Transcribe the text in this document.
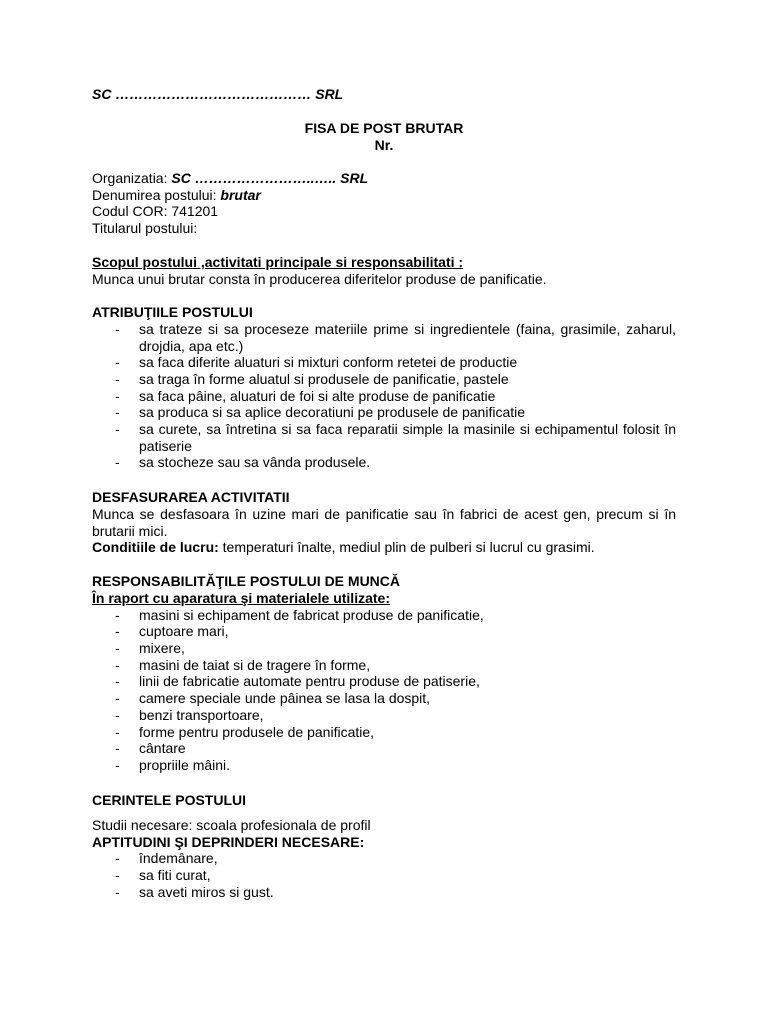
SC …………………………………… SRL
FISA DE POST BRUTAR
Nr.
Organizatia: SC ……………………..….. SRL
Denumirea postului: brutar
Codul COR: 741201
Titularul postului:
Scopul postului ,activitati principale si responsabilitati :
Munca unui brutar consta în producerea diferitelor produse de panificatie.
ATRIBUŢIILE POSTULUI
- sa trateze si sa proceseze materiile prime si ingredientele (faina, grasimile, zaharul, drojdia, apa etc.)
- sa faca diferite aluaturi si mixturi conform retetei de productie
- sa traga în forme aluatul si produsele de panificatie, pastele
- sa faca pâine, aluaturi de foi si alte produse de panificatie
- sa produca si sa aplice decoratiuni pe produsele de panificatie
- sa curete, sa întretina si sa faca reparatii simple la masinile si echipamentul folosit în patiserie
- sa stocheze sau sa vânda produsele.
DESFASURAREA ACTIVITATII
Munca se desfasoara în uzine mari de panificatie sau în fabrici de acest gen, precum si în brutarii mici.
Conditiile de lucru: temperaturi înalte, mediul plin de pulberi si lucrul cu grasimi.
RESPONSABILITĂŢILE POSTULUI DE MUNCĂ
În raport cu aparatura şi materialele utilizate:
- masini si echipament de fabricat produse de panificatie,
- cuptoare mari,
- mixere,
- masini de taiat si de tragere în forme,
- linii de fabricatie automate pentru produse de patiserie,
- camere speciale unde pâinea se lasa la dospit,
- benzi transportoare,
- forme pentru produsele de panificatie,
- cântare
- propriile mâini.
CERINTELE POSTULUI
Studii necesare: scoala profesionala de profil
APTITUDINI ŞI DEPRINDERI NECESARE:
- îndemânare,
- sa fiti curat,
- sa aveti miros si gust.
